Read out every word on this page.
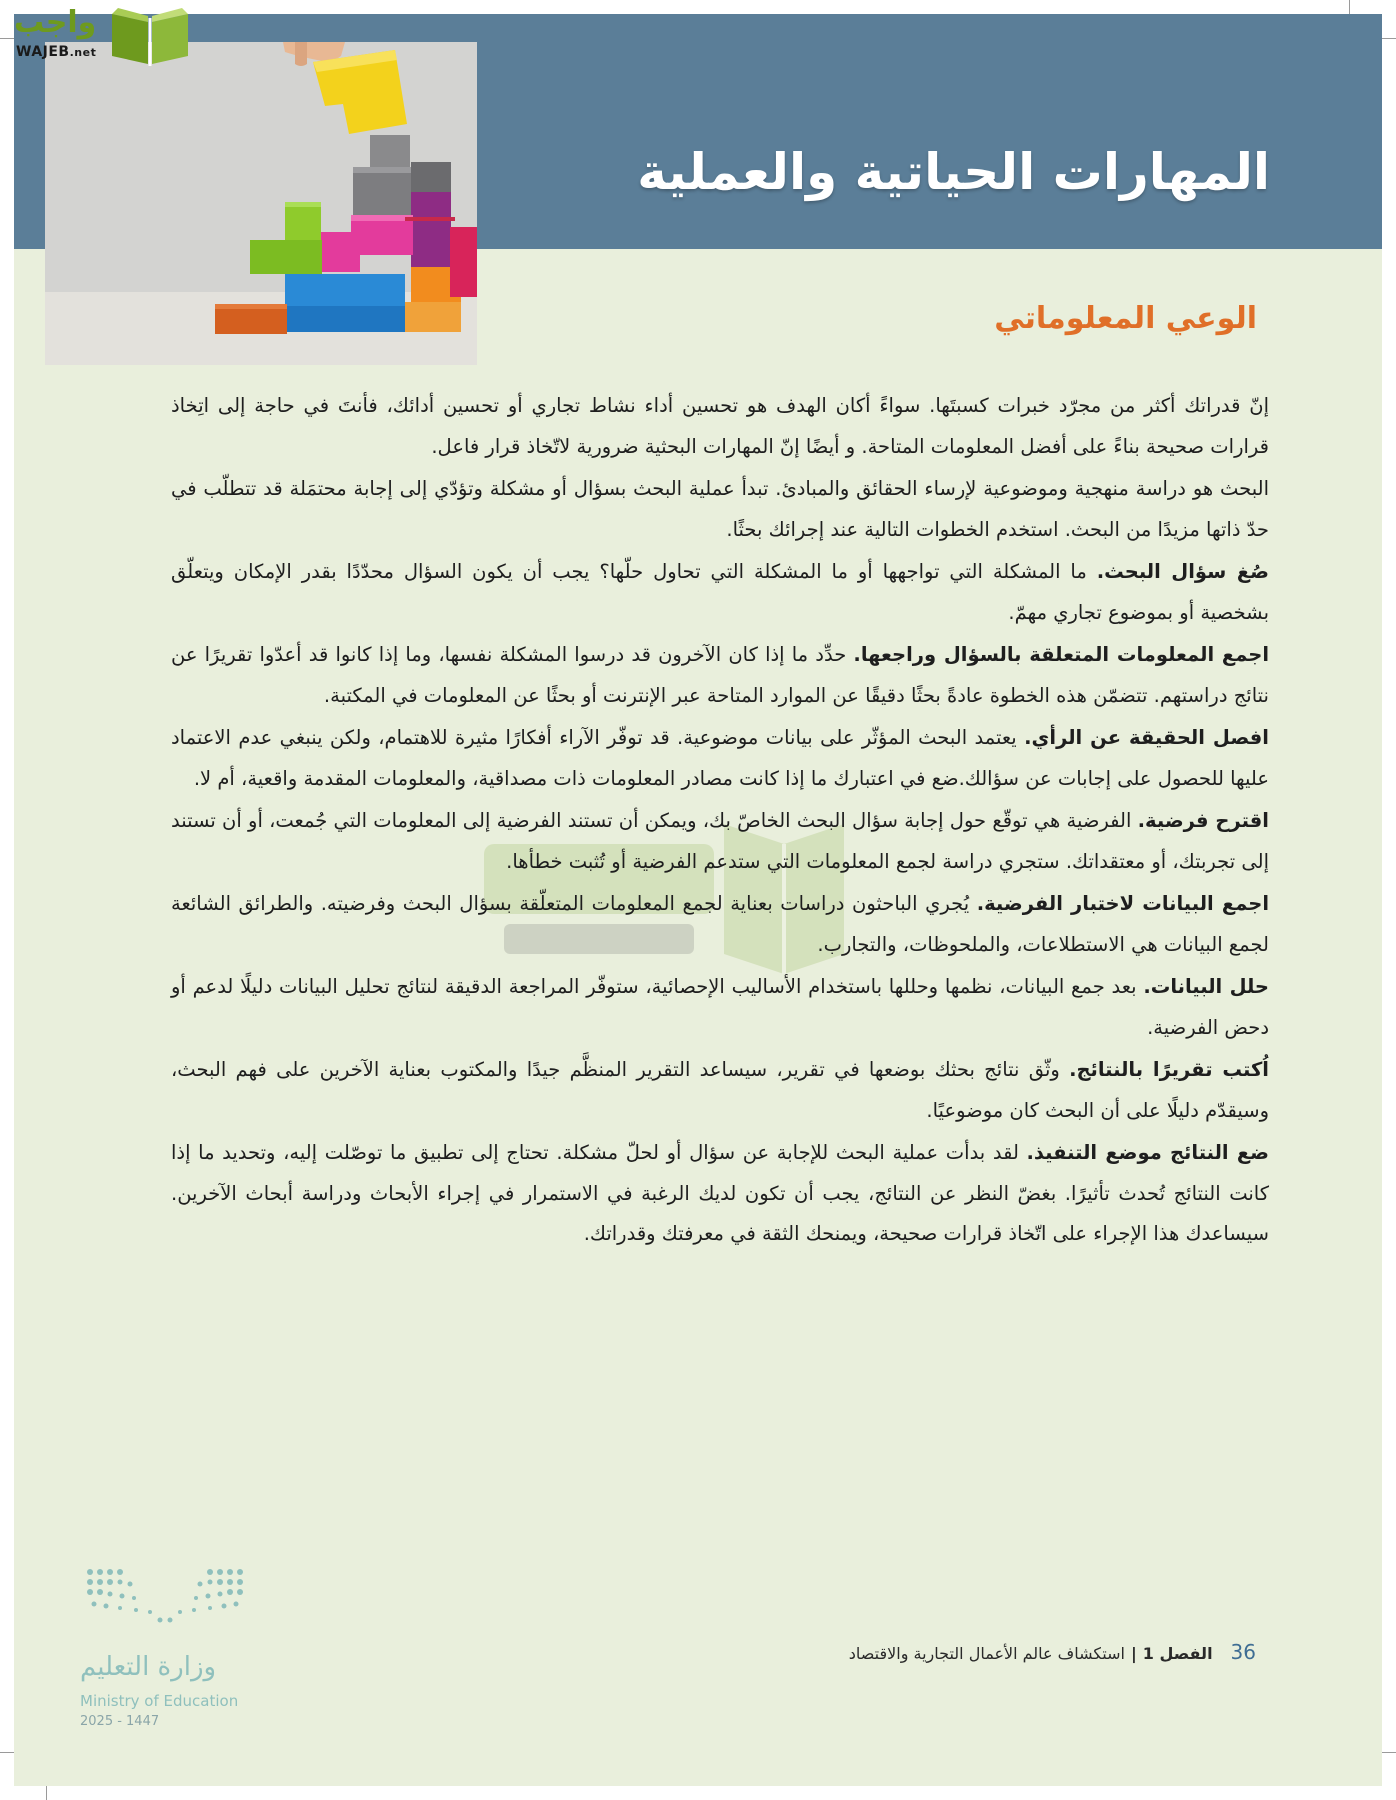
المهارات الحياتية والعملية
الوعي المعلوماتي

إنّ قدراتك أكثر من مجرّد خبرات كسبتَها. سواءً أكان الهدف هو تحسين أداء نشاط تجاري أو تحسين أدائك، فأنتَ في حاجة إلى اتِخاذ قرارات صحيحة بناءً على أفضل المعلومات المتاحة. و أيضًا إنّ المهارات البحثية ضرورية لاتّخاذ قرار فاعل.

البحث هو دراسة منهجية وموضوعية لإرساء الحقائق والمبادئ. تبدأ عملية البحث بسؤال أو مشكلة وتؤدّي إلى إجابة محتمَلة قد تتطلّب في حدّ ذاتها مزيدًا من البحث. استخدم الخطوات التالية عند إجرائك بحثًا.

صُغ سؤال البحث. ما المشكلة التي تواجهها أو ما المشكلة التي تحاول حلّها؟ يجب أن يكون السؤال محدّدًا بقدر الإمكان ويتعلّق بشخصية أو بموضوع تجاري مهمّ.

اجمع المعلومات المتعلقة بالسؤال وراجعها. حدِّد ما إذا كان الآخرون قد درسوا المشكلة نفسها، وما إذا كانوا قد أعدّوا تقريرًا عن نتائج دراستهم. تتضمّن هذه الخطوة عادةً بحثًا دقيقًا عن الموارد المتاحة عبر الإنترنت أو بحثًا عن المعلومات في المكتبة.

افصل الحقيقة عن الرأي. يعتمد البحث المؤثّر على بيانات موضوعية. قد توفّر الآراء أفكارًا مثيرة للاهتمام، ولكن ينبغي عدم الاعتماد عليها للحصول على إجابات عن سؤالك.ضع في اعتبارك ما إذا كانت مصادر المعلومات ذات مصداقية، والمعلومات المقدمة واقعية، أم لا.

اقترح فرضية. الفرضية هي توقّع حول إجابة سؤال البحث الخاصّ بك، ويمكن أن تستند الفرضية إلى المعلومات التي جُمعت، أو أن تستند إلى تجربتك، أو معتقداتك. ستجري دراسة لجمع المعلومات التي ستدعم الفرضية أو تُثبت خطأها.

اجمع البيانات لاختبار الفرضية. يُجري الباحثون دراسات بعناية لجمع المعلومات المتعلّقة بسؤال البحث وفرضيته. والطرائق الشائعة لجمع البيانات هي الاستطلاعات، والملحوظات، والتجارب.

حلل البيانات. بعد جمع البيانات، نظمها وحللها باستخدام الأساليب الإحصائية، ستوفّر المراجعة الدقيقة لنتائج تحليل البيانات دليلًا لدعم أو دحض الفرضية.

اُكتب تقريرًا بالنتائج. وثّق نتائج بحثك بوضعها في تقرير، سيساعد التقرير المنظَّم جيدًا والمكتوب بعناية الآخرين على فهم البحث، وسيقدّم دليلًا على أن البحث كان موضوعيًا.

ضع النتائج موضع التنفيذ. لقد بدأت عملية البحث للإجابة عن سؤال أو لحلّ مشكلة. تحتاج إلى تطبيق ما توصّلت إليه، وتحديد ما إذا كانت النتائج تُحدث تأثيرًا. بغضّ النظر عن النتائج، يجب أن تكون لديك الرغبة في الاستمرار في إجراء الأبحاث ودراسة أبحاث الآخرين. سيساعدك هذا الإجراء على اتّخاذ قرارات صحيحة، ويمنحك الثقة في معرفتك وقدراتك.

وزارة التعليم
Ministry of Education
2025 - 1447
36الفصل 1|استكشاف عالم الأعمال التجارية والاقتصاد
واجب
WAJEB.net
